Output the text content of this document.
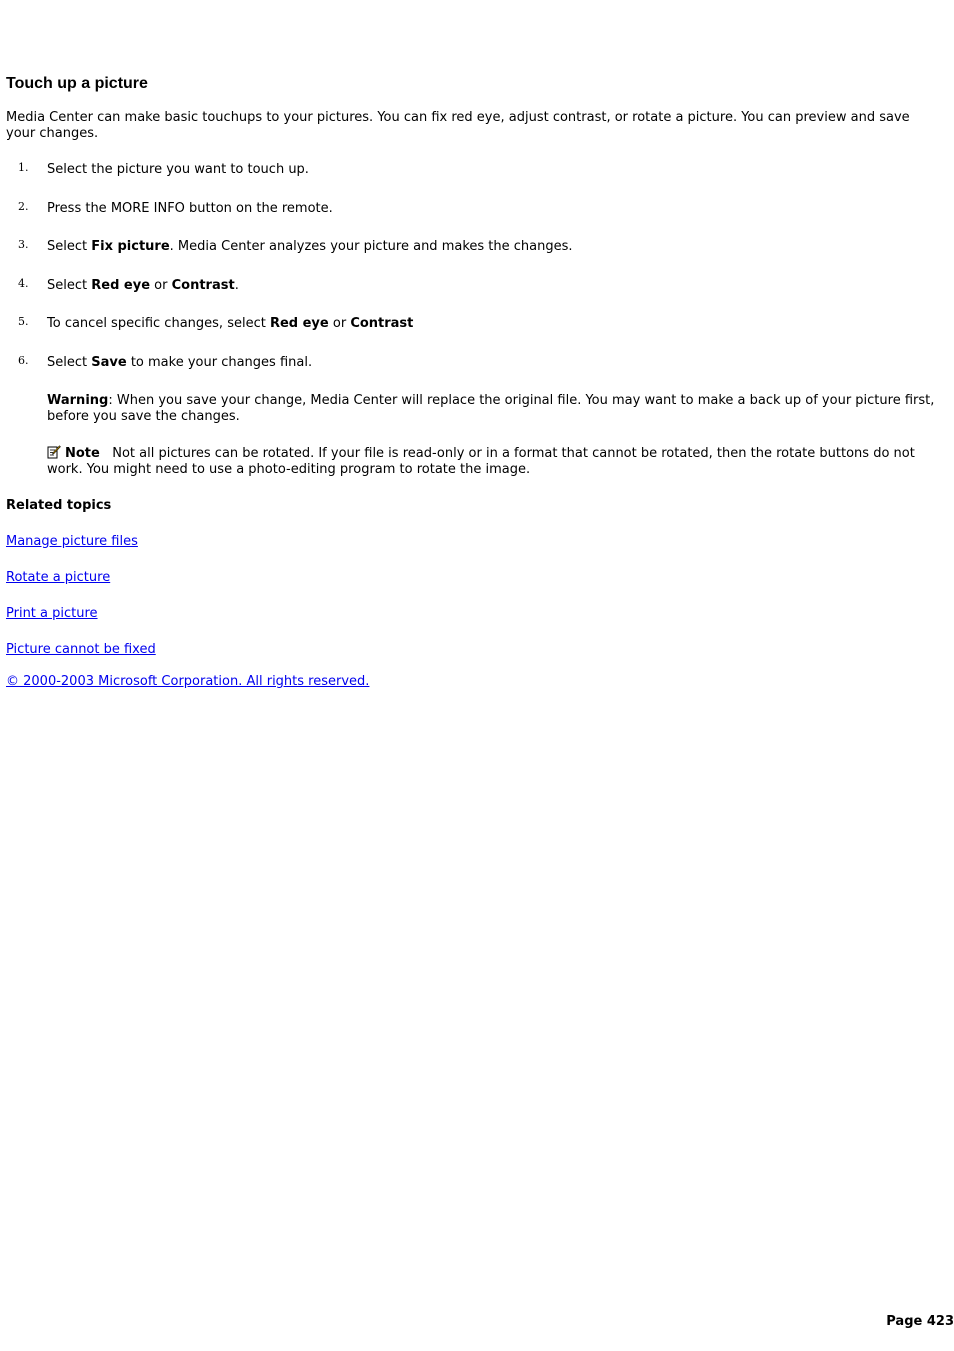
Touch up a picture

Media Center can make basic touchups to your pictures. You can fix red eye, adjust contrast, or rotate a picture. You can preview and save your changes.

1. Select the picture you want to touch up.
2. Press the MORE INFO button on the remote.
3. Select Fix picture. Media Center analyzes your picture and makes the changes.
4. Select Red eye or Contrast.
5. To cancel specific changes, select Red eye or Contrast
6. Select Save to make your changes final.
Warning: When you save your change, Media Center will replace the original file. You may want to make a back up of your picture first, before you save the changes.
Note Not all pictures can be rotated. If your file is read-only or in a format that cannot be rotated, then the rotate buttons do not work. You might need to use a photo-editing program to rotate the image.
Related topics
Manage picture files
Rotate a picture
Print a picture
Picture cannot be fixed
© 2000-2003 Microsoft Corporation. All rights reserved.
Page 423
